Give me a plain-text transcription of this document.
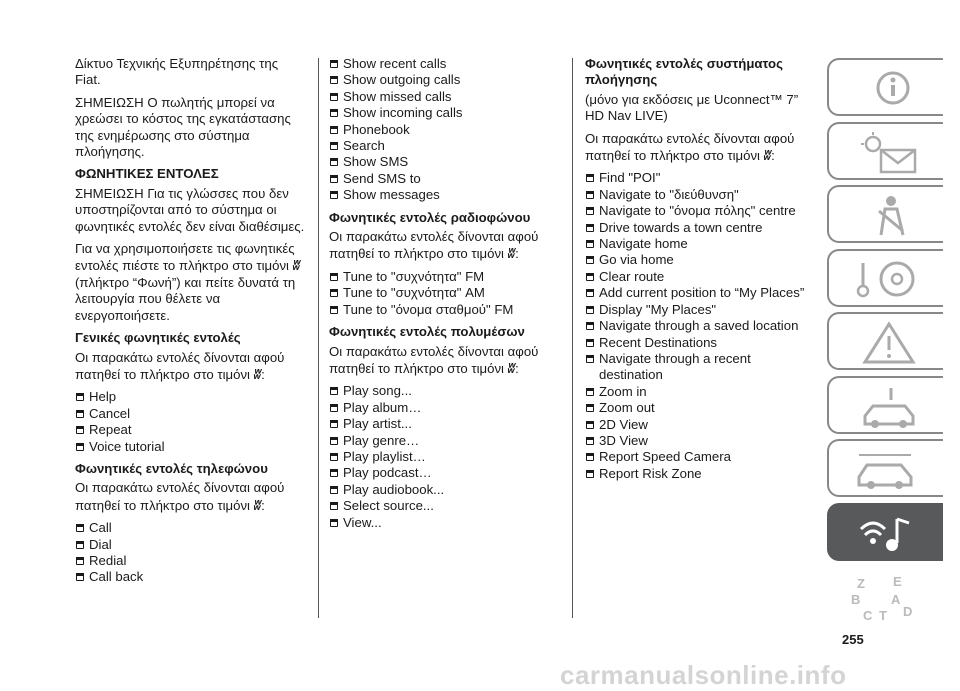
Δίκτυο Τεχνικής Εξυπηρέτησης της Fiat.

ΣΗΜΕΙΩΣΗ Ο πωλητής μπορεί να χρεώσει το κόστος της εγκατάστασης της ενημέρωσης στο σύστημα πλοήγησης.

ΦΩΝΗΤΙΚΕΣ ΕΝΤΟΛΕΣ

ΣΗΜΕΙΩΣΗ Για τις γλώσσες που δεν υποστηρίζονται από το σύστημα οι φωνητικές εντολές δεν είναι διαθέσιμες.

Για να χρησιμοποιήσετε τις φωνητικές εντολές πιέστε το πλήκτρο στο τιμόνι ʬ (πλήκτρο “Φωνή”) και πείτε δυνατά τη λειτουργία που θέλετε να ενεργοποιήσετε.

Γενικές φωνητικές εντολές

Οι παρακάτω εντολές δίνονται αφού πατηθεί το πλήκτρο στο τιμόνι ʬ:

Help
Cancel
Repeat
Voice tutorial
Φωνητικές εντολές τηλεφώνου

Οι παρακάτω εντολές δίνονται αφού πατηθεί το πλήκτρο στο τιμόνι ʬ:

Call
Dial
Redial
Call back
Show recent calls
Show outgoing calls
Show missed calls
Show incoming calls
Phonebook
Search
Show SMS
Send SMS to
Show messages
Φωνητικές εντολές ραδιοφώνου

Οι παρακάτω εντολές δίνονται αφού πατηθεί το πλήκτρο στο τιμόνι ʬ:

Tune to "συχνότητα" FM
Tune to "συχνότητα" AM
Tune to "όνομα σταθμού" FM
Φωνητικές εντολές πολυμέσων

Οι παρακάτω εντολές δίνονται αφού πατηθεί το πλήκτρο στο τιμόνι ʬ:

Play song...
Play album…
Play artist...
Play genre…
Play playlist…
Play podcast…
Play audiobook...
Select source...
View...
Φωνητικές εντολές συστήματος πλοήγησης

(μόνο για εκδόσεις με Uconnect™ 7” HD Nav LIVE)

Οι παρακάτω εντολές δίνονται αφού πατηθεί το πλήκτρο στο τιμόνι ʬ:

Find "POI"
Navigate to "διεύθυνση"
Navigate to "όνομα πόλης" centre
Drive towards a town centre
Navigate home
Go via home
Clear route
Add current position to “My Places”
Display "My Places"
Navigate through a saved location
Recent Destinations
Navigate through a recent destination
Zoom in
Zoom out
2D View
3D View
Report Speed Camera
Report Risk Zone
Z E
B A
C T D
255
carmanualsonline.info
